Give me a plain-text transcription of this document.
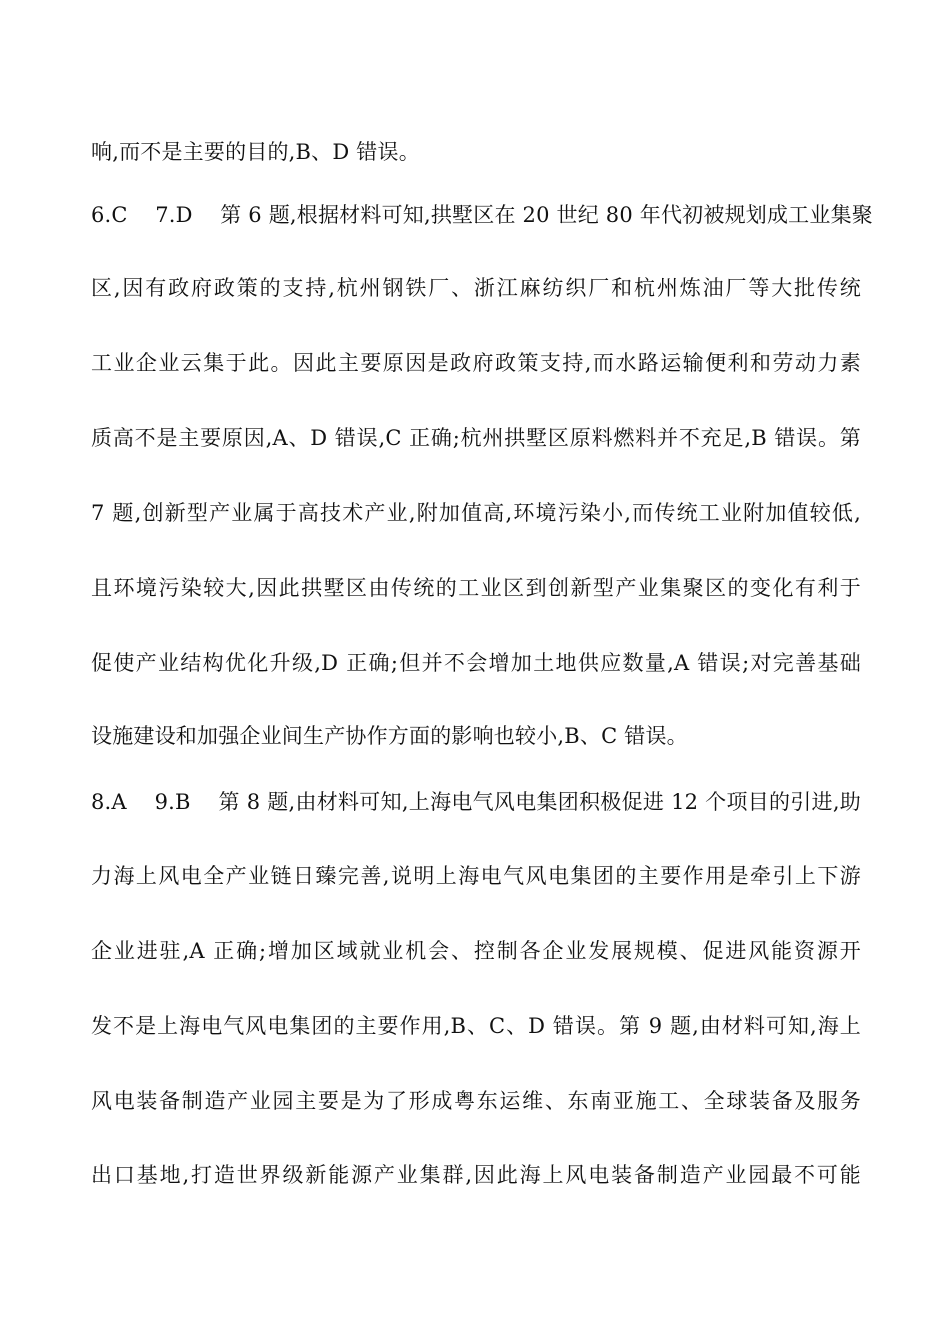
响,而不是主要的目的,B、D 错误。
6.C    7.D    第 6 题,根据材料可知,拱墅区在 20 世纪 80 年代初被规划成工业集聚
区,因有政府政策的支持,杭州钢铁厂、浙江麻纺织厂和杭州炼油厂等大批传统
工业企业云集于此。因此主要原因是政府政策支持,而水路运输便利和劳动力素
质高不是主要原因,A、D 错误,C 正确;杭州拱墅区原料燃料并不充足,B 错误。第
7 题,创新型产业属于高技术产业,附加值高,环境污染小,而传统工业附加值较低,
且环境污染较大,因此拱墅区由传统的工业区到创新型产业集聚区的变化有利于
促使产业结构优化升级,D 正确;但并不会增加土地供应数量,A 错误;对完善基础
设施建设和加强企业间生产协作方面的影响也较小,B、C 错误。
8.A    9.B    第 8 题,由材料可知,上海电气风电集团积极促进 12 个项目的引进,助
力海上风电全产业链日臻完善,说明上海电气风电集团的主要作用是牵引上下游
企业进驻,A 正确;增加区域就业机会、控制各企业发展规模、促进风能资源开
发不是上海电气风电集团的主要作用,B、C、D 错误。第 9 题,由材料可知,海上
风电装备制造产业园主要是为了形成粤东运维、东南亚施工、全球装备及服务
出口基地,打造世界级新能源产业集群,因此海上风电装备制造产业园最不可能
